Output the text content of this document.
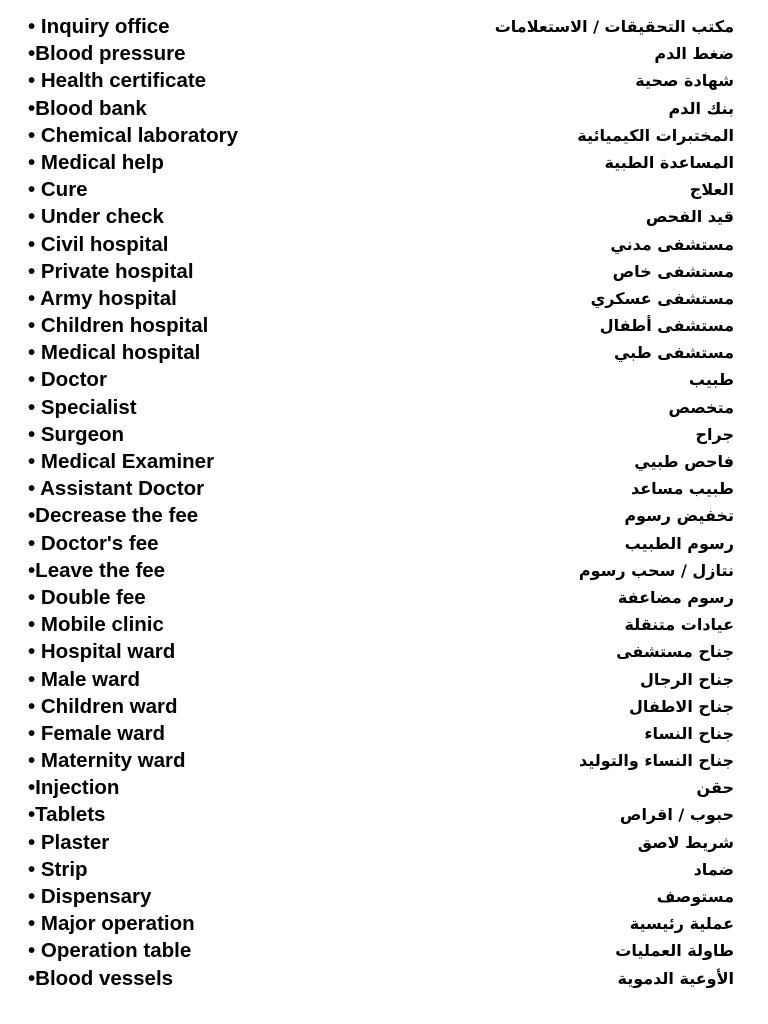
• Inquiry office	مكتب التحقيقات / الاستعلامات
•Blood pressure	ضغط الدم
• Health certificate	شهادة صحية
•Blood bank	بنك الدم
• Chemical laboratory	المختبرات الكيميائية
• Medical help	المساعدة الطبية
• Cure	العلاج
• Under check	قيد الفحص
• Civil hospital	مستشفى مدني
• Private hospital	مستشفى خاص
• Army hospital	مستشفى عسكري
• Children hospital	مستشفى أطفال
• Medical hospital	مستشفى طبي
• Doctor	طبيب
• Specialist	متخصص
• Surgeon	جراح
• Medical Examiner	فاحص طبيي
• Assistant Doctor	طبيب مساعد
•Decrease the fee	تخفيض رسوم
• Doctor's fee	رسوم الطبيب
•Leave the fee	نتازل / سحب رسوم
• Double fee	رسوم مضاعفة
• Mobile clinic	عيادات متنقلة
• Hospital ward	جناح مستشفى
• Male ward	جناح الرجال
• Children ward	جناح الاطفال
• Female ward	جناح النساء
• Maternity ward	جناح النساء والتوليد
•Injection	حقن
•Tablets	حبوب / اقراص
• Plaster	شريط لاصق
• Strip	ضماد
• Dispensary	مستوصف
• Major operation	عملية رئيسية
• Operation table	طاولة العمليات
•Blood vessels	الأوعية الدموية
